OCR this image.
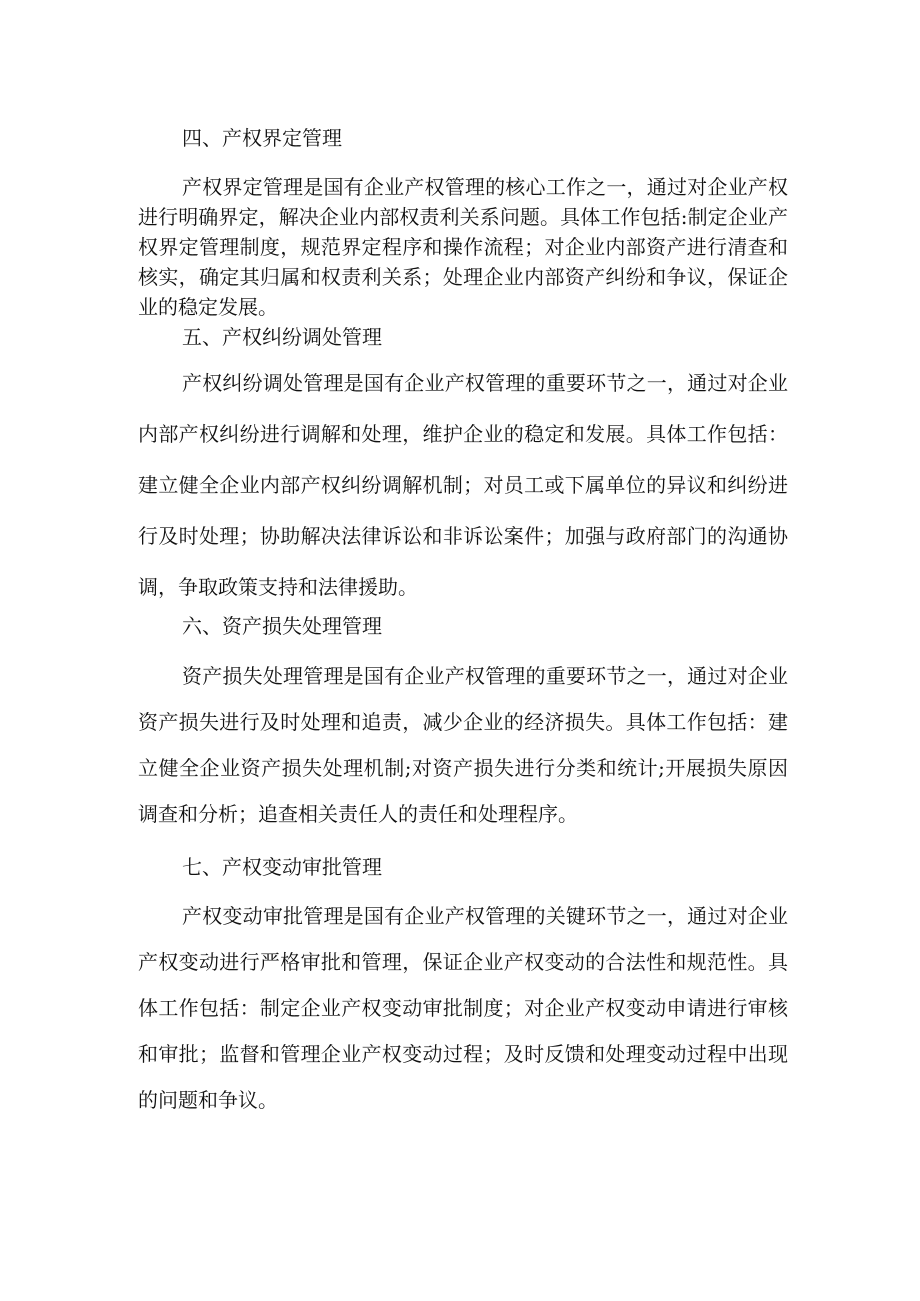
四、产权界定管理

产权界定管理是国有企业产权管理的核心工作之一，通过对企业产权进行明确界定，解决企业内部权责利关系问题。具体工作包括:制定企业产权界定管理制度，规范界定程序和操作流程；对企业内部资产进行清查和核实，确定其归属和权责利关系；处理企业内部资产纠纷和争议，保证企业的稳定发展。

五、产权纠纷调处管理

产权纠纷调处管理是国有企业产权管理的重要环节之一，通过对企业内部产权纠纷进行调解和处理，维护企业的稳定和发展。具体工作包括：建立健全企业内部产权纠纷调解机制；对员工或下属单位的异议和纠纷进行及时处理；协助解决法律诉讼和非诉讼案件；加强与政府部门的沟通协调，争取政策支持和法律援助。

六、资产损失处理管理

资产损失处理管理是国有企业产权管理的重要环节之一，通过对企业资产损失进行及时处理和追责，减少企业的经济损失。具体工作包括：建立健全企业资产损失处理机制;对资产损失进行分类和统计;开展损失原因调查和分析；追查相关责任人的责任和处理程序。

七、产权变动审批管理

产权变动审批管理是国有企业产权管理的关键环节之一，通过对企业产权变动进行严格审批和管理，保证企业产权变动的合法性和规范性。具体工作包括：制定企业产权变动审批制度；对企业产权变动申请进行审核和审批；监督和管理企业产权变动过程；及时反馈和处理变动过程中出现的问题和争议。
